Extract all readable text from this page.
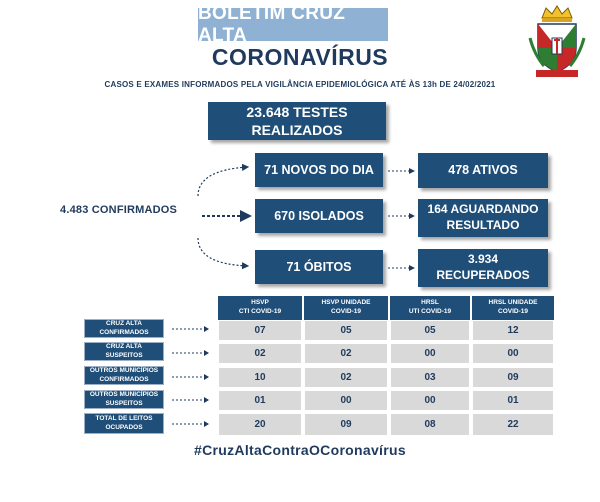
BOLETIM CRUZ ALTA
CORONAVÍRUS
CASOS E EXAMES INFORMADOS PELA VIGILÂNCIA EPIDEMIOLÓGICA ATÉ ÀS 13h DE 24/02/2021
23.648 TESTES
REALIZADOS
4.483 CONFIRMADOS
71 NOVOS DO DIA	478 ATIVOS
670 ISOLADOS	164 AGUARDANDO
RESULTADO
71 ÓBITOS
3.934
RECUPERADOS
HSVP
CTI COVID-19
HSVP UNIDADE
COVID-19
HRSL
UTI COVID-19
HRSL UNIDADE
COVID-19
CRUZ ALTA
CONFIRMADOS	07	05	05	12
CRUZ ALTA
SUSPEITOS	02	02	00	00
OUTROS MUNICÍPIOS
CONFIRMADOS	10	02	03	09
OUTROS MUNICÍPIOS
SUSPEITOS	01	00	00	01
TOTAL DE LEITOS
OCUPADOS	20	09	08	22
#CruzAltaContraOCoronavírus
